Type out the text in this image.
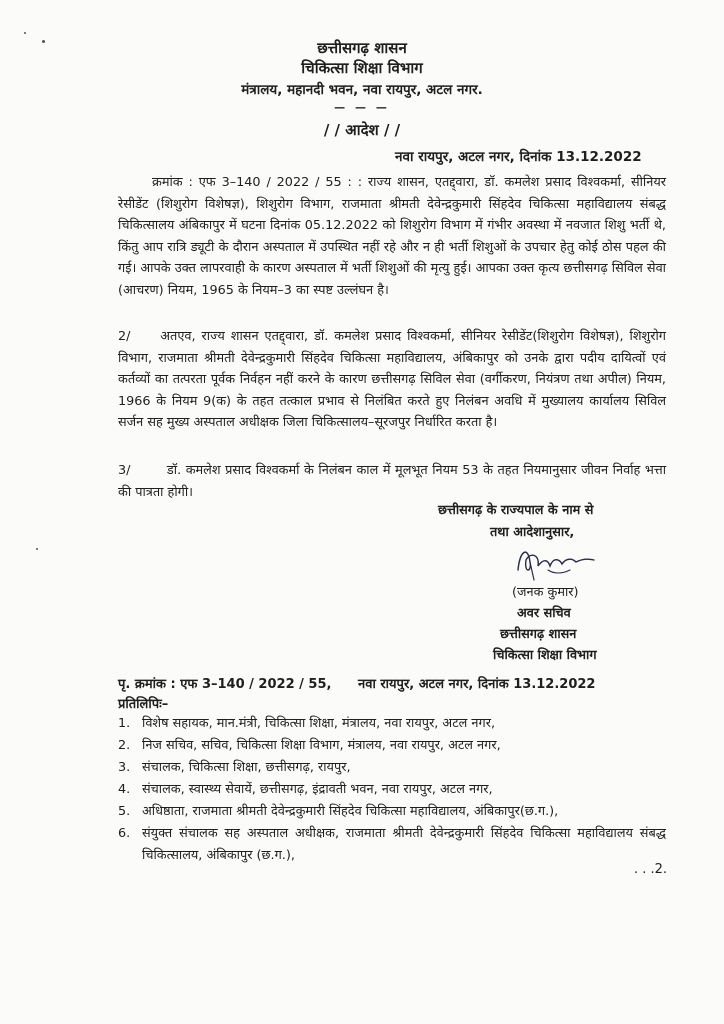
छत्तीसगढ़ शासन
चिकित्सा शिक्षा विभाग
मंत्रालय, महानदी भवन, नवा रायपुर, अटल नगर.
— — —
/ / आदेश / /
नवा रायपुर, अटल नगर, दिनांक 13.12.2022
क्रमांक : एफ 3–140 / 2022 / 55 : : राज्य शासन, एतद्द्वारा, डॉ. कमलेश प्रसाद विश्वकर्मा, सीनियर रेसीडेंट (शिशुरोग विशेषज्ञ), शिशुरोग विभाग, राजमाता श्रीमती देवेन्द्रकुमारी सिंहदेव चिकित्सा महाविद्यालय संबद्ध चिकित्सालय अंबिकापुर में घटना दिनांक 05.12.2022 को शिशुरोग विभाग में गंभीर अवस्था में नवजात शिशु भर्ती थे, किंतु आप रात्रि ड्यूटी के दौरान अस्पताल में उपस्थित नहीं रहे और न ही भर्ती शिशुओं के उपचार हेतु कोई ठोस पहल की गई। आपके उक्त लापरवाही के कारण अस्पताल में भर्ती शिशुओं की मृत्यु हुई। आपका उक्त कृत्य छत्तीसगढ़ सिविल सेवा (आचरण) नियम, 1965 के नियम–3 का स्पष्ट उल्लंघन है।
2/ अतएव, राज्य शासन एतद्द्वारा, डॉ. कमलेश प्रसाद विश्वकर्मा, सीनियर रेसीडेंट(शिशुरोग विशेषज्ञ), शिशुरोग विभाग, राजमाता श्रीमती देवेन्द्रकुमारी सिंहदेव चिकित्सा महाविद्यालय, अंबिकापुर को उनके द्वारा पदीय दायित्वों एवं कर्तव्यों का तत्परता पूर्वक निर्वहन नहीं करने के कारण छत्तीसगढ़ सिविल सेवा (वर्गीकरण, नियंत्रण तथा अपील) नियम, 1966 के नियम 9(क) के तहत तत्काल प्रभाव से निलंबित करते हुए निलंबन अवधि में मुख्यालय कार्यालय सिविल सर्जन सह मुख्य अस्पताल अधीक्षक जिला चिकित्सालय–सूरजपुर निर्धारित करता है।
3/	डॉ. कमलेश प्रसाद विश्वकर्मा के निलंबन काल में मूलभूत नियम 53 के तहत नियमानुसार जीवन निर्वाह भत्ता की पात्रता होगी।
छत्तीसगढ़ के राज्यपाल के नाम से
तथा आदेशानुसार,
(जनक कुमार)
अवर सचिव
छत्तीसगढ़ शासन
चिकित्सा शिक्षा विभाग
पृ. क्रमांक : एफ 3–140 / 2022 / 55, नवा रायपुर, अटल नगर, दिनांक 13.12.2022
प्रतिलिपिः–
1. विशेष सहायक, मान.मंत्री, चिकित्सा शिक्षा, मंत्रालय, नवा रायपुर, अटल नगर,
2. निज सचिव, सचिव, चिकित्सा शिक्षा विभाग, मंत्रालय, नवा रायपुर, अटल नगर,
3. संचालक, चिकित्सा शिक्षा, छत्तीसगढ़, रायपुर,
4. संचालक, स्वास्थ्य सेवायें, छत्तीसगढ़, इंद्रावती भवन, नवा रायपुर, अटल नगर,
5. अधिष्ठाता, राजमाता श्रीमती देवेन्द्रकुमारी सिंहदेव चिकित्सा महाविद्यालय, अंबिकापुर(छ.ग.),
6. संयुक्त संचालक सह अस्पताल अधीक्षक, राजमाता श्रीमती देवेन्द्रकुमारी सिंहदेव चिकित्सा महाविद्यालय संबद्ध चिकित्सालय, अंबिकापुर (छ.ग.),
. . .2.
